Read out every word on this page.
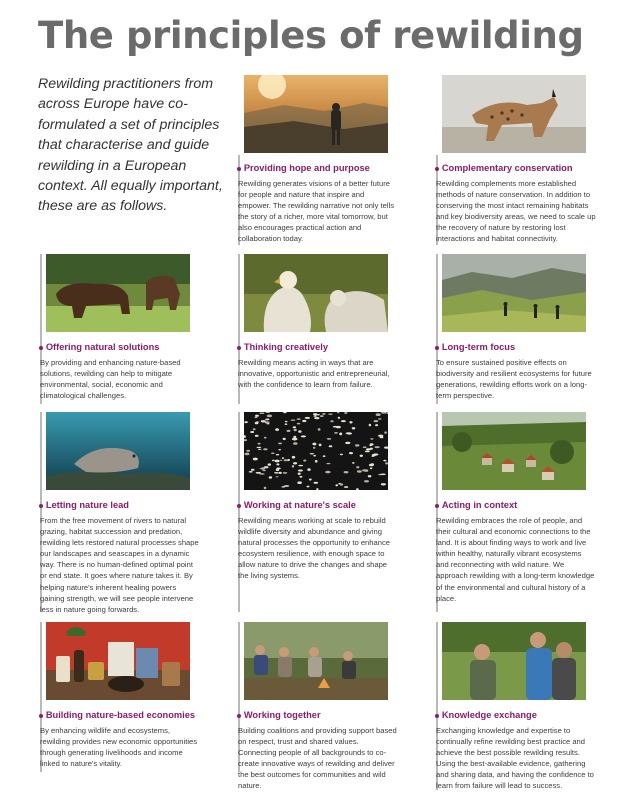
The principles of rewilding
Rewilding practitioners from across Europe have co-formulated a set of principles that characterise and guide rewilding in a European context. All equally important, these are as follows.
Providing hope and purpose
Rewilding generates visions of a better future for people and nature that inspire and empower. The rewilding narrative not only tells the story of a richer, more vital tomorrow, but also encourages practical action and collaboration today.
Complementary conservation
Rewilding complements more established methods of nature conservation. In addition to conserving the most intact remaining habitats and key biodiversity areas, we need to scale up the recovery of nature by restoring lost interactions and habitat connectivity.
Offering natural solutions
By providing and enhancing nature-based solutions, rewilding can help to mitigate environmental, social, economic and climatological challenges.
Thinking creatively
Rewilding means acting in ways that are innovative, opportunistic and entrepreneurial, with the confidence to learn from failure.
Long-term focus
To ensure sustained positive effects on biodiversity and resilient ecosystems for future generations, rewilding efforts work on a long-term perspective.
Letting nature lead
From the free movement of rivers to natural grazing, habitat succession and predation, rewilding lets restored natural processes shape our landscapes and seascapes in a dynamic way. There is no human-defined optimal point or end state. It goes where nature takes it. By helping nature's inherent healing powers gaining strength, we will see people intervene less in nature going forwards.
Working at nature's scale
Rewilding means working at scale to rebuild wildlife diversity and abundance and giving natural processes the opportunity to enhance ecosystem resilience, with enough space to allow nature to drive the changes and shape the living systems.
Acting in context
Rewilding embraces the role of people, and their cultural and economic connections to the land. It is about finding ways to work and live within healthy, naturally vibrant ecosystems and reconnecting with wild nature. We approach rewilding with a long-term knowledge of the environmental and cultural history of a place.
Building nature-based economies
By enhancing wildlife and ecosystems, rewilding provides new economic opportunities through generating livelihoods and income linked to nature's vitality.
Working together
Building coalitions and providing support based on respect, trust and shared values. Connecting people of all backgrounds to co-create innovative ways of rewilding and deliver the best outcomes for communities and wild nature.
Knowledge exchange
Exchanging knowledge and expertise to continually refine rewilding best practice and achieve the best possible rewilding results. Using the best-available evidence, gathering and sharing data, and having the confidence to learn from failure will lead to success.
